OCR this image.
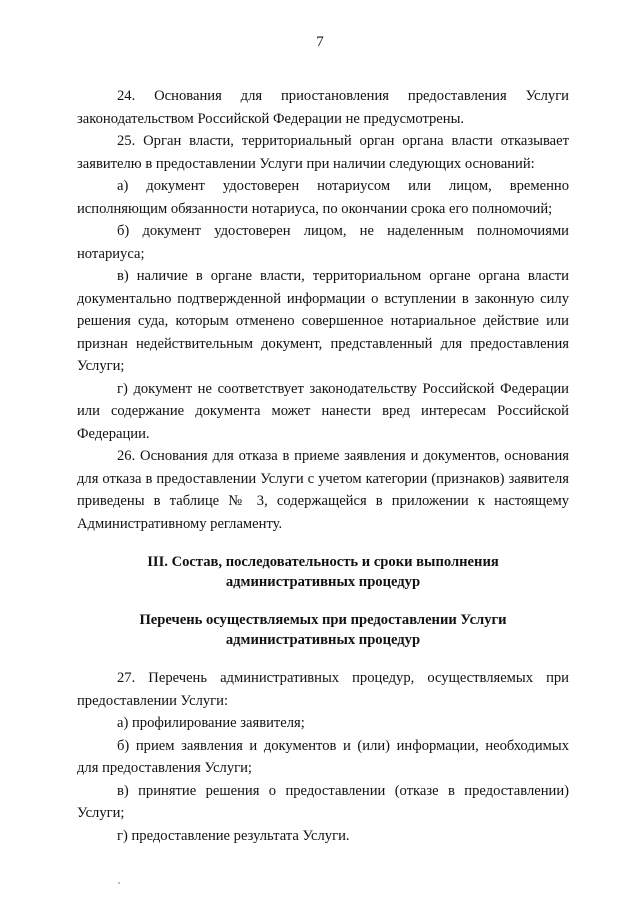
7

24. Основания для приостановления предоставления Услуги законодательством Российской Федерации не предусмотрены.

25. Орган власти, территориальный орган органа власти отказывает заявителю в предоставлении Услуги при наличии следующих оснований:

а) документ удостоверен нотариусом или лицом, временно исполняющим обязанности нотариуса, по окончании срока его полномочий;

б) документ удостоверен лицом, не наделенным полномочиями нотариуса;

в) наличие в органе власти, территориальном органе органа власти документально подтвержденной информации о вступлении в законную силу решения суда, которым отменено совершенное нотариальное действие или признан недействительным документ, представленный для предоставления Услуги;

г) документ не соответствует законодательству Российской Федерации или содержание документа может нанести вред интересам Российской Федерации.

26. Основания для отказа в приеме заявления и документов, основания для отказа в предоставлении Услуги с учетом категории (признаков) заявителя приведены в таблице № 3, содержащейся в приложении к настоящему Административному регламенту.

III. Состав, последовательность и сроки выполнения административных процедур

Перечень осуществляемых при предоставлении Услуги административных процедур

27. Перечень административных процедур, осуществляемых при предоставлении Услуги:

а) профилирование заявителя;

б) прием заявления и документов и (или) информации, необходимых для предоставления Услуги;

в) принятие решения о предоставлении (отказе в предоставлении) Услуги;

г) предоставление результата Услуги.
